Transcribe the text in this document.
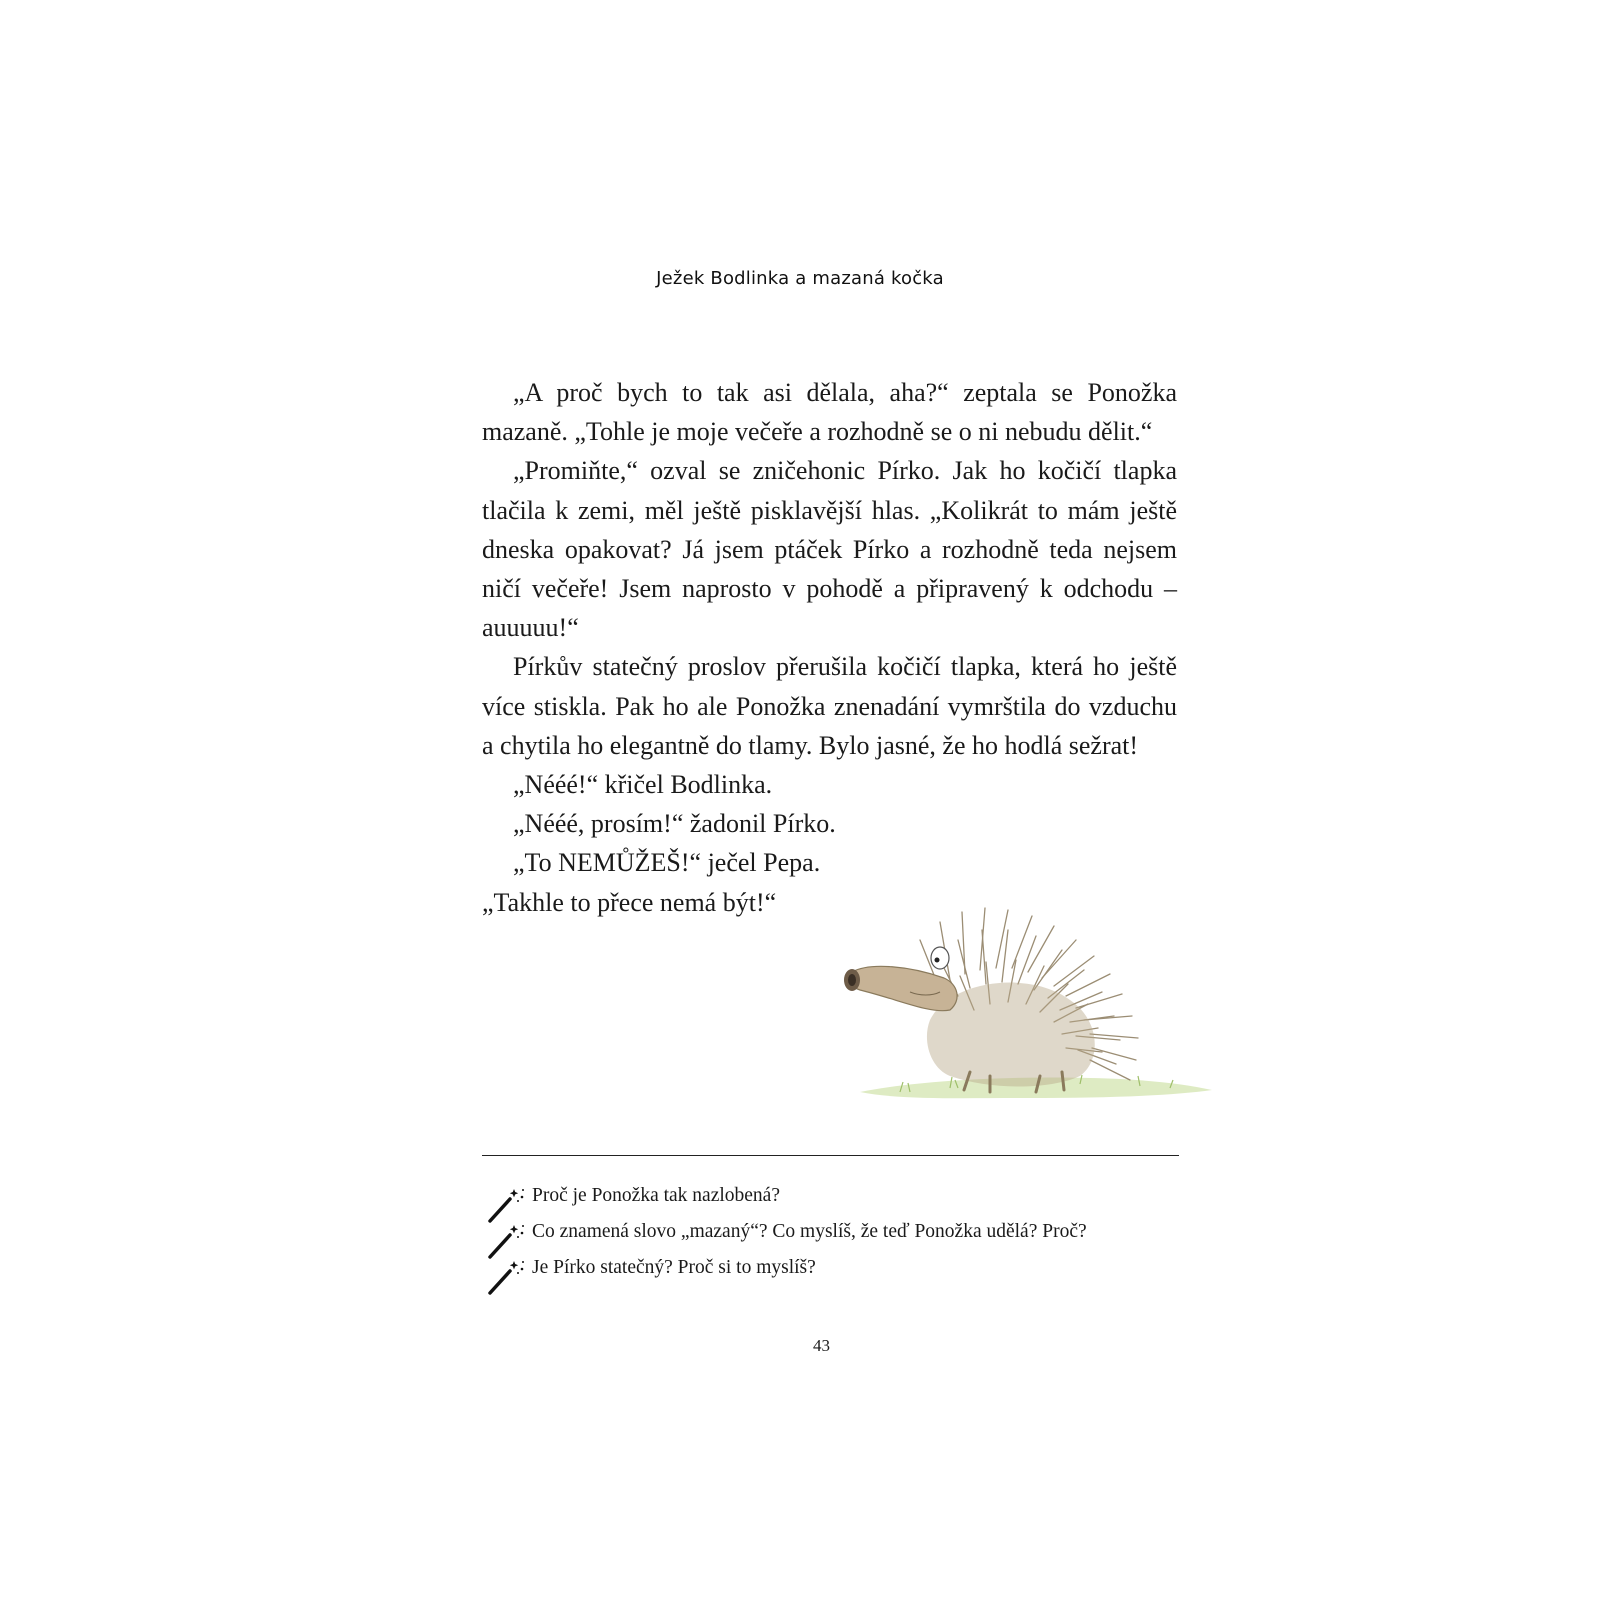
Ježek Bodlinka a mazaná kočka

„A proč bych to tak asi dělala, aha?“ zeptala se Ponožka mazaně. „Tohle je moje večeře a rozhodně se o ni nebudu dělit.“

„Promiňte,“ ozval se zničehonic Pírko. Jak ho kočičí tlapka tlačila k zemi, měl ještě pisklavější hlas. „Kolikrát to mám ještě dneska opakovat? Já jsem ptáček Pírko a rozhodně teda nejsem ničí večeře! Jsem naprosto v pohodě a připravený k odchodu – auuuuu!“

Pírkův statečný proslov přerušila kočičí tlapka, která ho ještě více stiskla. Pak ho ale Ponožka znenadání vymrštila do vzduchu a chytila ho elegantně do tlamy. Bylo jasné, že ho hodlá sežrat!

„Nééé!“ křičel Bodlinka.

„Nééé, prosím!“ žadonil Pírko.

„To NEMŮŽEŠ!“ ječel Pepa.

„Takhle to přece nemá být!“

Proč je Ponožka tak nazlobená?
Co znamená slovo „mazaný“? Co myslíš, že teď Ponožka udělá? Proč?
Je Pírko statečný? Proč si to myslíš?
43
